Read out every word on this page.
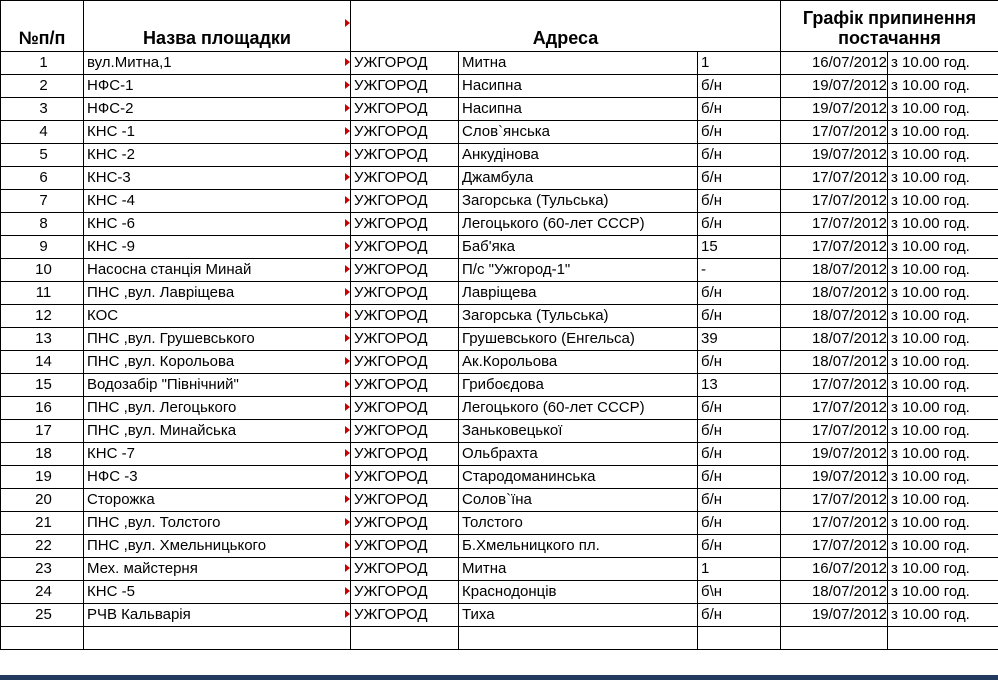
№п/п	Назва площадки	Адреса			Графік припинення
постачання	

1	вул.Митна,1	УЖГОРОД	Митна	1	16/07/2012	з 10.00 год.
2	НФС-1	УЖГОРОД	Насипна	б/н	19/07/2012	з 10.00 год.
3	НФС-2	УЖГОРОД	Насипна	б/н	19/07/2012	з 10.00 год.
4	КНС -1	УЖГОРОД	Слов`янська	б/н	17/07/2012	з 10.00 год.
5	КНС -2	УЖГОРОД	Анкудінова	б/н	19/07/2012	з 10.00 год.
6	КНС-3	УЖГОРОД	Джамбула	б/н	17/07/2012	з 10.00 год.
7	КНС -4	УЖГОРОД	Загорська (Тульська)	б/н	17/07/2012	з 10.00 год.
8	КНС -6	УЖГОРОД	Легоцького (60-лет СССР)	б/н	17/07/2012	з 10.00 год.
9	КНС -9	УЖГОРОД	Баб'яка	15	17/07/2012	з 10.00 год.
10	Насосна станція Минай	УЖГОРОД	П/с "Ужгород-1"	-	18/07/2012	з 10.00 год.
11	ПНС ,вул. Лавріщева	УЖГОРОД	Лавріщева	б/н	18/07/2012	з 10.00 год.
12	КОС	УЖГОРОД	Загорська (Тульська)	б/н	18/07/2012	з 10.00 год.
13	ПНС ,вул. Грушевського	УЖГОРОД	Грушевського (Енгельса)	39	18/07/2012	з 10.00 год.
14	ПНС ,вул. Корольова	УЖГОРОД	Ак.Корольова	б/н	18/07/2012	з 10.00 год.
15	Водозабір "Північний"	УЖГОРОД	Грибоєдова	13	17/07/2012	з 10.00 год.
16	ПНС ,вул. Легоцького	УЖГОРОД	Легоцького (60-лет СССР)	б/н	17/07/2012	з 10.00 год.
17	ПНС ,вул. Минайська	УЖГОРОД	Заньковецької	б/н	17/07/2012	з 10.00 год.
18	КНС -7	УЖГОРОД	Ольбрахта	б/н	19/07/2012	з 10.00 год.
19	НФС -3	УЖГОРОД	Стародоманинська	б/н	19/07/2012	з 10.00 год.
20	Сторожка	УЖГОРОД	Солов`їна	б/н	17/07/2012	з 10.00 год.
21	ПНС ,вул. Толстого	УЖГОРОД	Толстого	б/н	17/07/2012	з 10.00 год.
22	ПНС ,вул. Хмельницького	УЖГОРОД	Б.Хмельницкого пл.	б/н	17/07/2012	з 10.00 год.
23	Мех. майстерня	УЖГОРОД	Митна	1	16/07/2012	з 10.00 год.
24	КНС -5	УЖГОРОД	Краснодонців	б\н	18/07/2012	з 10.00 год.
25	РЧВ Кальварія	УЖГОРОД	Тиха	б/н	19/07/2012	з 10.00 год.
